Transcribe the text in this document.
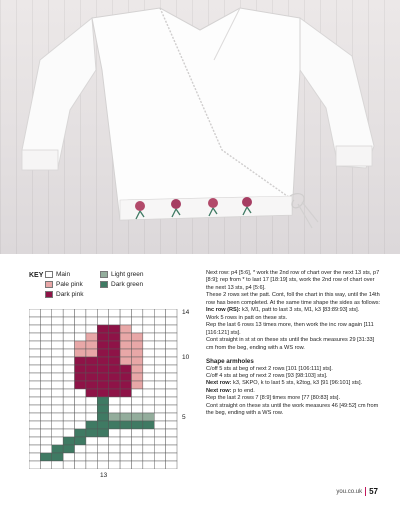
KEY Main	Light green
Pale pink	Dark green
Dark pink
14
10
5
13

Next row: p4 [5:6], * work the 2nd row of chart over the next 13 sts, p7 [8:9]; rep from * to last 17 [18:19] sts, work the 2nd row of chart over the next 13 sts, p4 [5:6].

These 2 rows set the patt. Cont, foll the chart in this way, until the 14th row has been completed. At the same time shape the sides as follows:

Inc row (RS): k3, M1, patt to last 3 sts, M1, k3 [83:89:93] sts].

Work 5 rows in patt on these sts.

Rep the last 6 rows 13 times more, then work the inc row again [111 [116:121] sts].

Cont straight in st st on these sts until the back measures 29 [31:33] cm from the beg, ending with a WS row.

Shape armholes

C/off 5 sts at beg of next 2 rows [101 [106:111] sts].

C/off 4 sts at beg of next 2 rows [93 [98:103] sts].

Next row: k3, SKPO, k to last 5 sts, k2tog, k3 [91 [96:101] sts].

Next row: p to end.

Rep the last 2 rows 7 [8:9] times more [77 [80:83] sts].

Cont straight on these sts until the work measures 46 [49:52] cm from the beg, ending with a WS row.

you.co.uk 57
